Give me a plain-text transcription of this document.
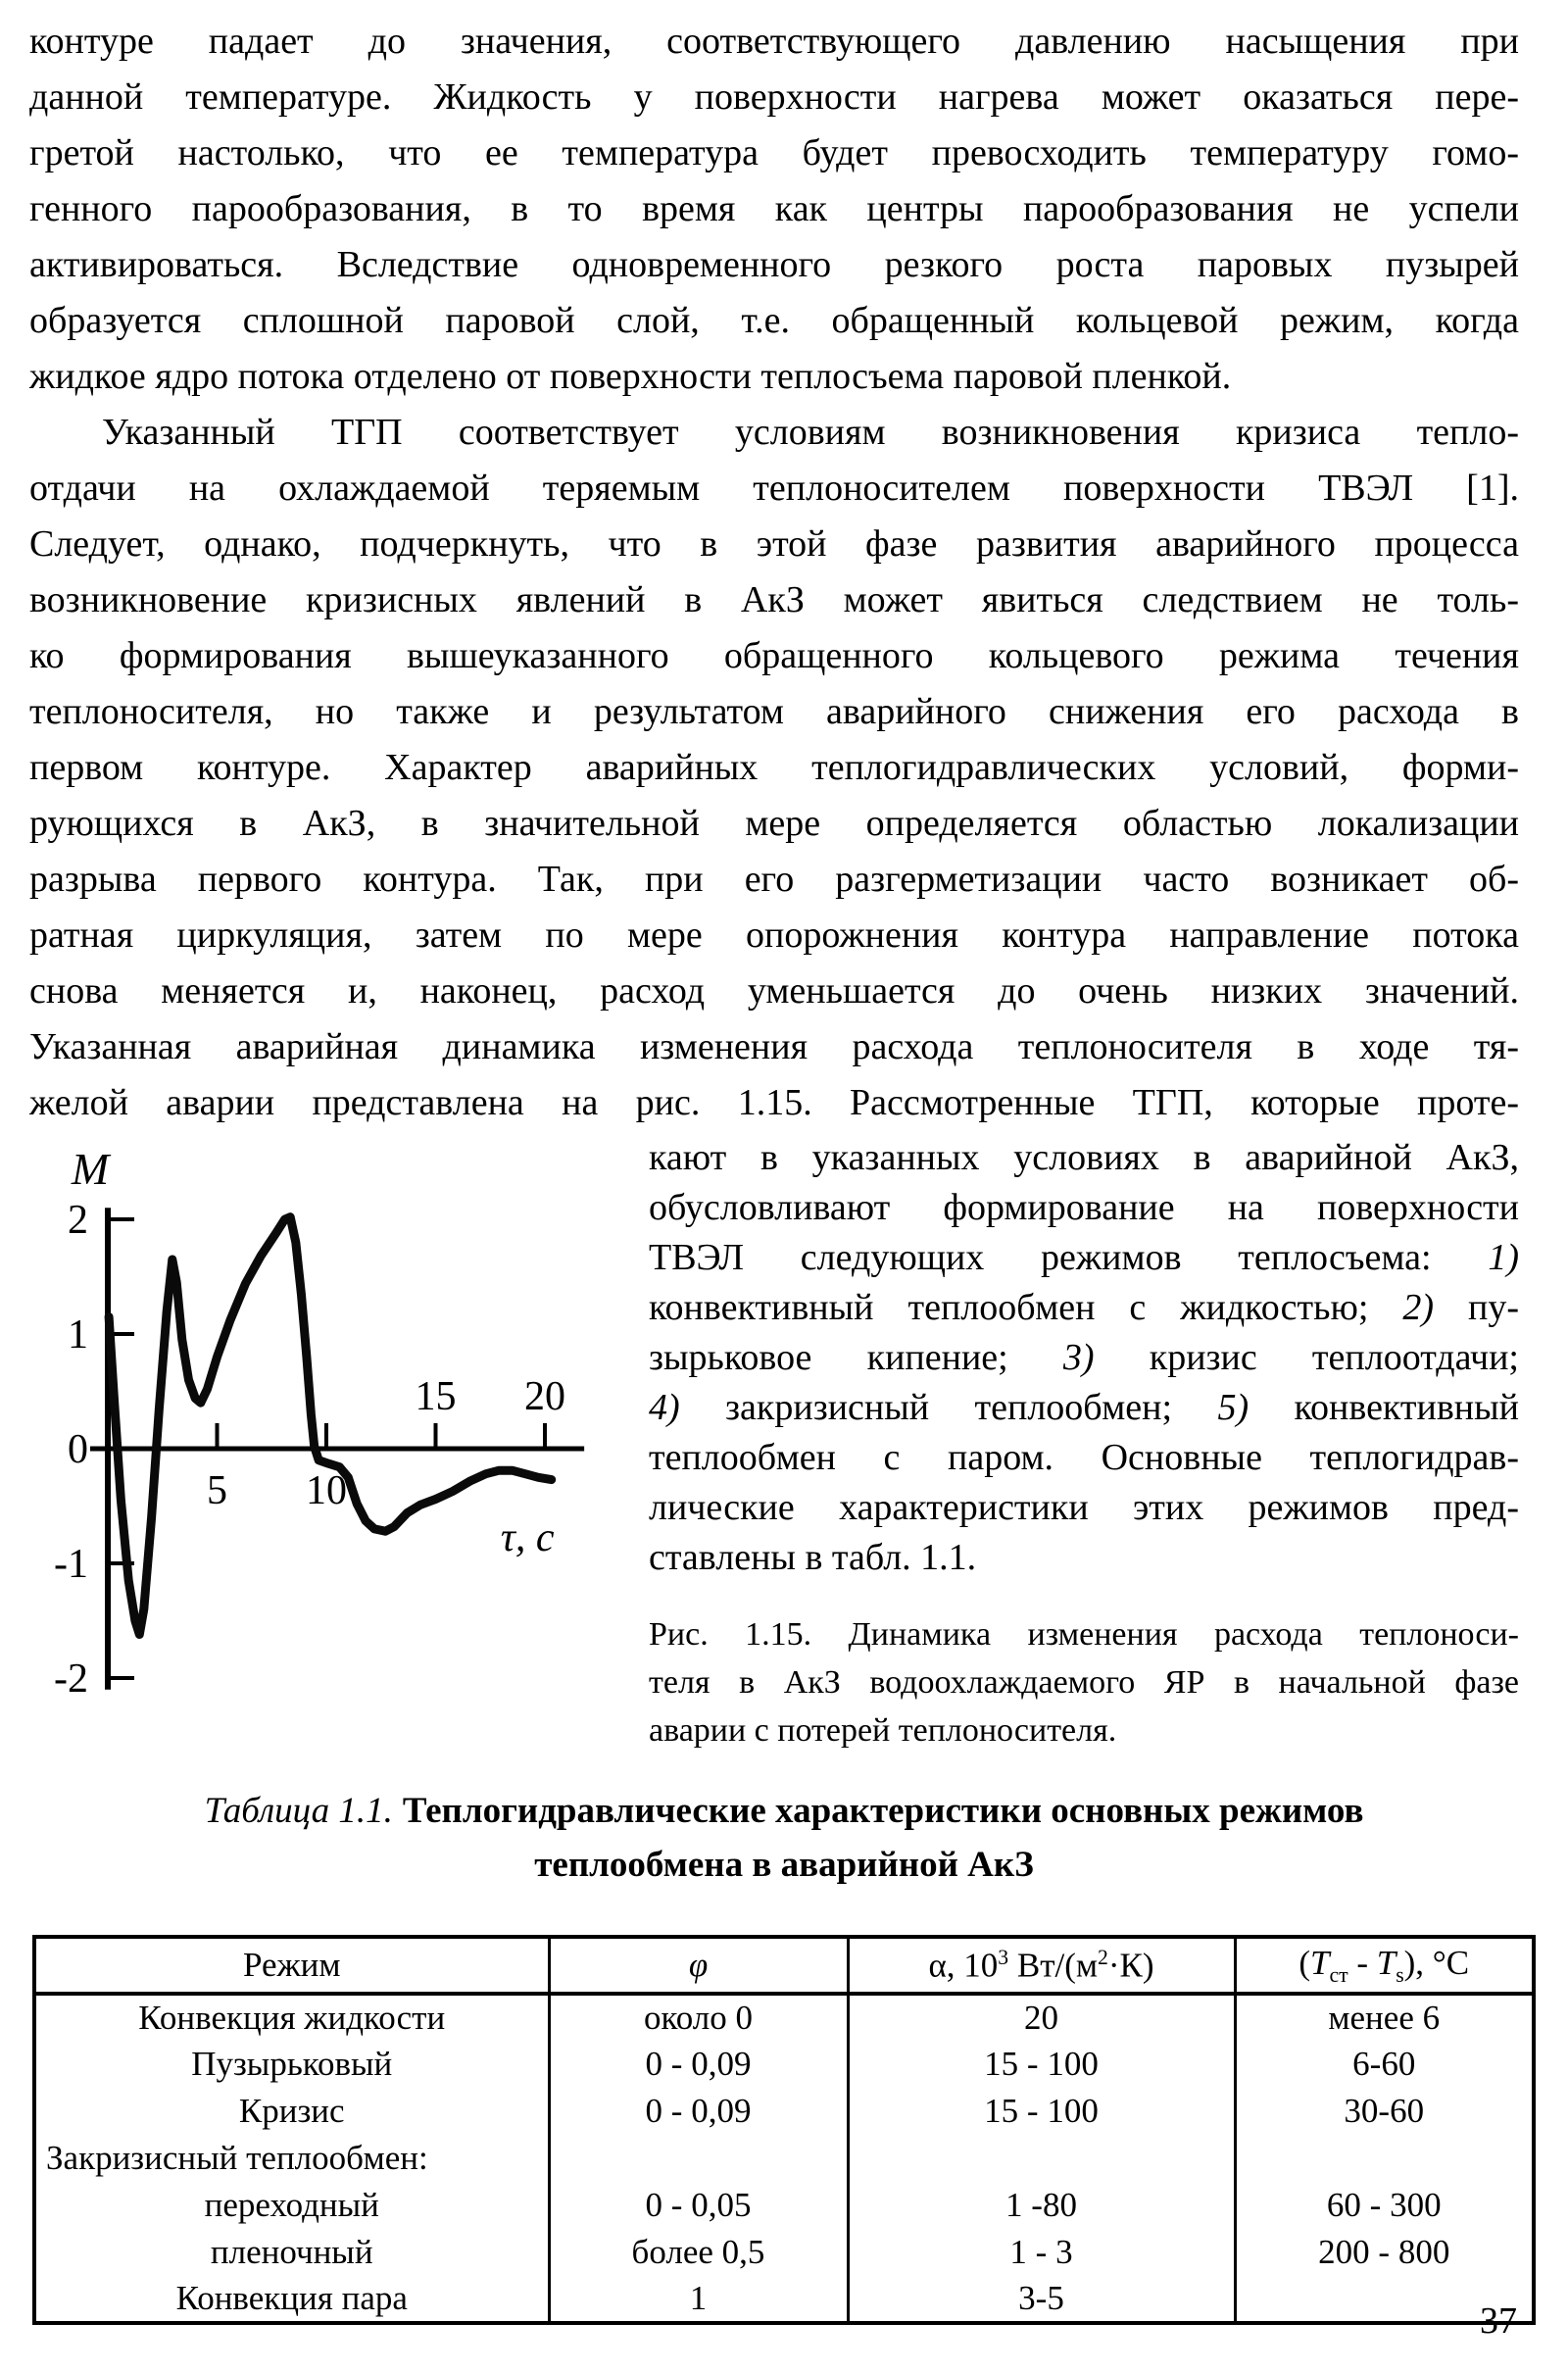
контуре падает до значения, соответствующего давлению насыщения при
данной температуре. Жидкость у поверхности нагрева может оказаться пере-
гретой настолько, что ее температура будет превосходить температуру гомо-
генного парообразования, в то время как центры парообразования не успели
активироваться. Вследствие одновременного резкого роста паровых пузырей
образуется сплошной паровой слой, т.е. обращенный кольцевой режим, когда
жидкое ядро потока отделено от поверхности теплосъема паровой пленкой.
Указанный ТГП соответствует условиям возникновения кризиса тепло-
отдачи на охлаждаемой теряемым теплоносителем поверхности ТВЭЛ [1].
Следует, однако, подчеркнуть, что в этой фазе развития аварийного процесса
возникновение кризисных явлений в АкЗ может явиться следствием не толь-
ко формирования вышеуказанного обращенного кольцевого режима течения
теплоносителя, но также и результатом аварийного снижения его расхода в
первом контуре. Характер аварийных теплогидравлических условий, форми-
рующихся в АкЗ, в значительной мере определяется областью локализации
разрыва первого контура. Так, при его разгерметизации часто возникает об-
ратная циркуляция, затем по мере опорожнения контура направление потока
снова меняется и, наконец, расход уменьшается до очень низких значений.
Указанная аварийная динамика изменения расхода теплоносителя в ходе тя-
желой аварии представлена на рис. 1.15. Рассмотренные ТГП, которые проте-
2
1
0
-1
-2
5 10
15 20
M
τ, с
кают в указанных условиях в аварийной АкЗ,
обусловливают формирование на поверхности
ТВЭЛ следующих режимов теплосъема: 1)
конвективный теплообмен с жидкостью; 2) пу-
зырьковое кипение; 3) кризис теплоотдачи;
4) закризисный теплообмен; 5) конвективный
теплообмен с паром. Основные теплогидрав-
лические характеристики этих режимов пред-
ставлены в табл. 1.1.
Рис. 1.15. Динамика изменения расхода теплоноси-
теля в АкЗ водоохлаждаемого ЯР в начальной фазе
аварии с потерей теплоносителя.
Таблица 1.1. Теплогидравлические характеристики основных режимов
теплообмена в аварийной АкЗ
Режим	φ	α, $10^3$ $Вт/(м^2\cdot К)$	$(T_{ст} - T_s)$, °С
Конвекция жидкости	около 0	20	менее 6
Пузырьковый	0 - 0,09	15 - 100	6-60
Кризис	0 - 0,09	15 - 100	30-60
Закризисный теплообмен:			
переходный	0 - 0,05	1 -80	60 - 300
пленочный	более 0,5	1 - 3	200 - 800
Конвекция пара	1	3-5	
37
